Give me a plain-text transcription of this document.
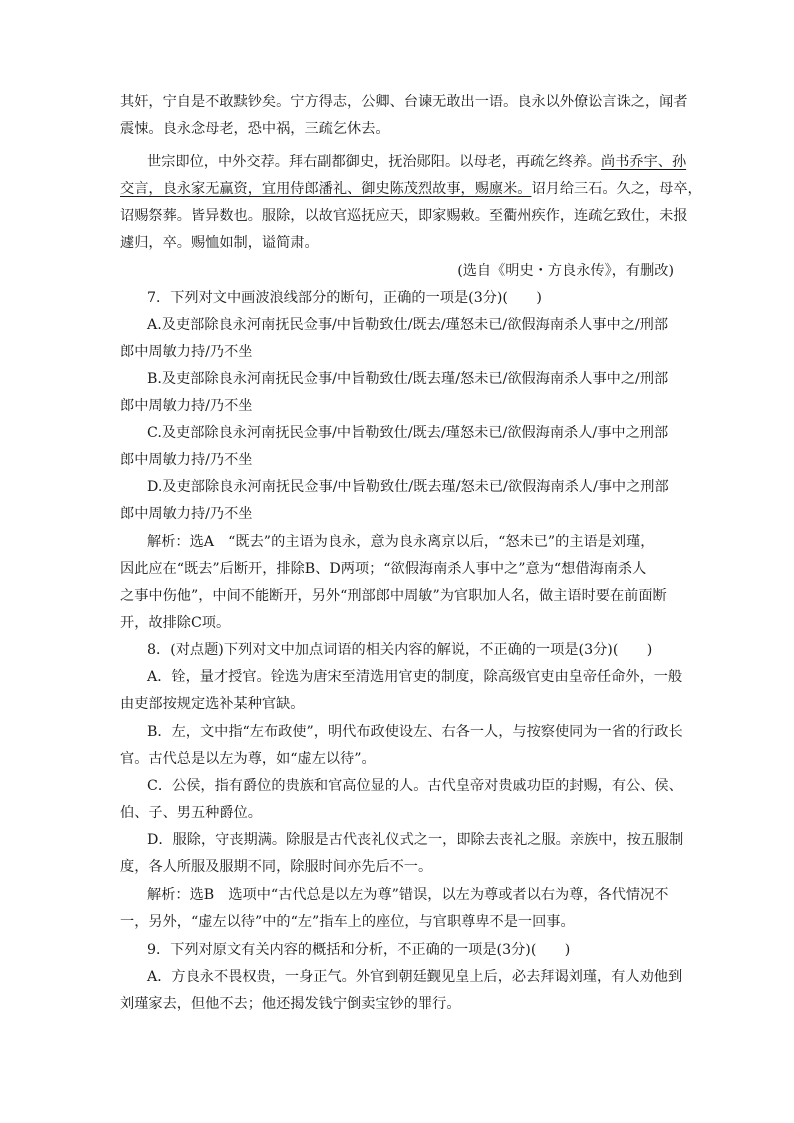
其奸，宁自是不敢黩钞矣。宁方得志，公卿、台谏无敢出一语。良永以外僚讼言诛之，闻者
震悚。良永念母老，恐中祸，三疏乞休去。
世宗即位，中外交荐。拜右副都御史，抚治郧阳。以母老，再疏乞终养。尚书乔宇、孙
交言，良永家无赢资，宜用侍郎潘礼、御史陈茂烈故事，赐廪米。诏月给三石。久之，母卒，
诏赐祭葬。皆异数也。服除，以故官巡抚应天，即家赐敕。至衢州疾作，连疏乞致仕，未报
遽归，卒。赐恤如制，谥简肃。
(选自《明史・方良永传》，有删改)
7．下列对文中画波浪线部分的断句，正确的一项是(3分)(　　)
A.及吏部除良永河南抚民佥事/中旨勒致仕/既去/瑾怒未已/欲假海南杀人事中之/刑部
郎中周敏力持/乃不坐
B.及吏部除良永河南抚民佥事/中旨勒致仕/既去瑾/怒未已/欲假海南杀人事中之/刑部
郎中周敏力持/乃不坐
C.及吏部除良永河南抚民佥事/中旨勒致仕/既去/瑾怒未已/欲假海南杀人/事中之刑部
郎中周敏力持/乃不坐
D.及吏部除良永河南抚民佥事/中旨勒致仕/既去瑾/怒未已/欲假海南杀人/事中之刑部
郎中周敏力持/乃不坐
解析：选A　“既去”的主语为良永，意为良永离京以后，“怒未已”的主语是刘瑾，
因此应在“既去”后断开，排除B、D两项；“欲假海南杀人事中之”意为“想借海南杀人
之事中伤他”，中间不能断开，另外“刑部郎中周敏”为官职加人名，做主语时要在前面断
开，故排除C项。
8．(对点题)下列对文中加点词语的相关内容的解说，不正确的一项是(3分)(　　)
A．铨，量才授官。铨选为唐宋至清选用官吏的制度，除高级官吏由皇帝任命外，一般
由吏部按规定选补某种官缺。
B．左，文中指“左布政使”，明代布政使设左、右各一人，与按察使同为一省的行政长
官。古代总是以左为尊，如“虚左以待”。
C．公侯，指有爵位的贵族和官高位显的人。古代皇帝对贵戚功臣的封赐，有公、侯、
伯、子、男五种爵位。
D．服除，守丧期满。除服是古代丧礼仪式之一，即除去丧礼之服。亲族中，按五服制
度，各人所服及服期不同，除服时间亦先后不一。
解析：选B　选项中“古代总是以左为尊”错误，以左为尊或者以右为尊，各代情况不
一，另外，“虚左以待”中的“左”指车上的座位，与官职尊卑不是一回事。
9．下列对原文有关内容的概括和分析，不正确的一项是(3分)(　　)
A．方良永不畏权贵，一身正气。外官到朝廷觐见皇上后，必去拜谒刘瑾，有人劝他到
刘瑾家去，但他不去；他还揭发钱宁倒卖宝钞的罪行。
